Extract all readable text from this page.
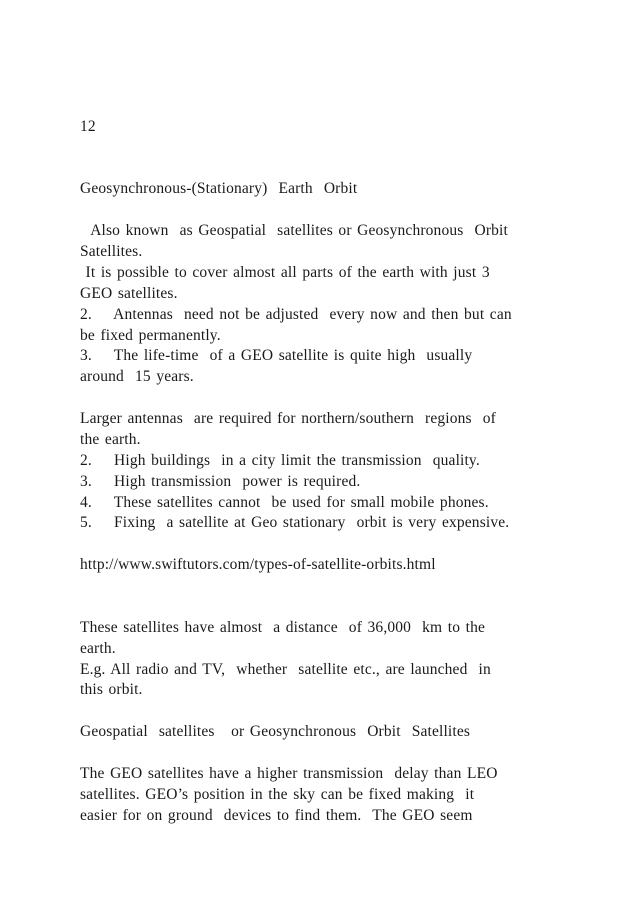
12
Geosynchronous-(Stationary)  Earth  Orbit
Also known  as Geospatial  satellites or Geosynchronous  Orbit
Satellites.
It is possible to cover almost all parts of the earth with just 3
GEO satellites.
2.    Antennas  need not be adjusted  every now and then but can
be fixed permanently.
3.    The life-time  of a GEO satellite is quite high  usually
around  15 years.
Larger antennas  are required for northern/southern  regions  of
the earth.
2.    High buildings  in a city limit the transmission  quality.
3.    High transmission  power is required.
4.    These satellites cannot  be used for small mobile phones.
5.    Fixing  a satellite at Geo stationary  orbit is very expensive.
http://www.swiftutors.com/types-of-satellite-orbits.html
These satellites have almost  a distance  of 36,000  km to the
earth.
E.g. All radio and TV,  whether  satellite etc., are launched  in
this orbit.
Geospatial  satellites   or Geosynchronous  Orbit  Satellites
The GEO satellites have a higher transmission  delay than LEO
satellites. GEO’s position in the sky can be fixed making  it
easier for on ground  devices to find them.  The GEO seem
